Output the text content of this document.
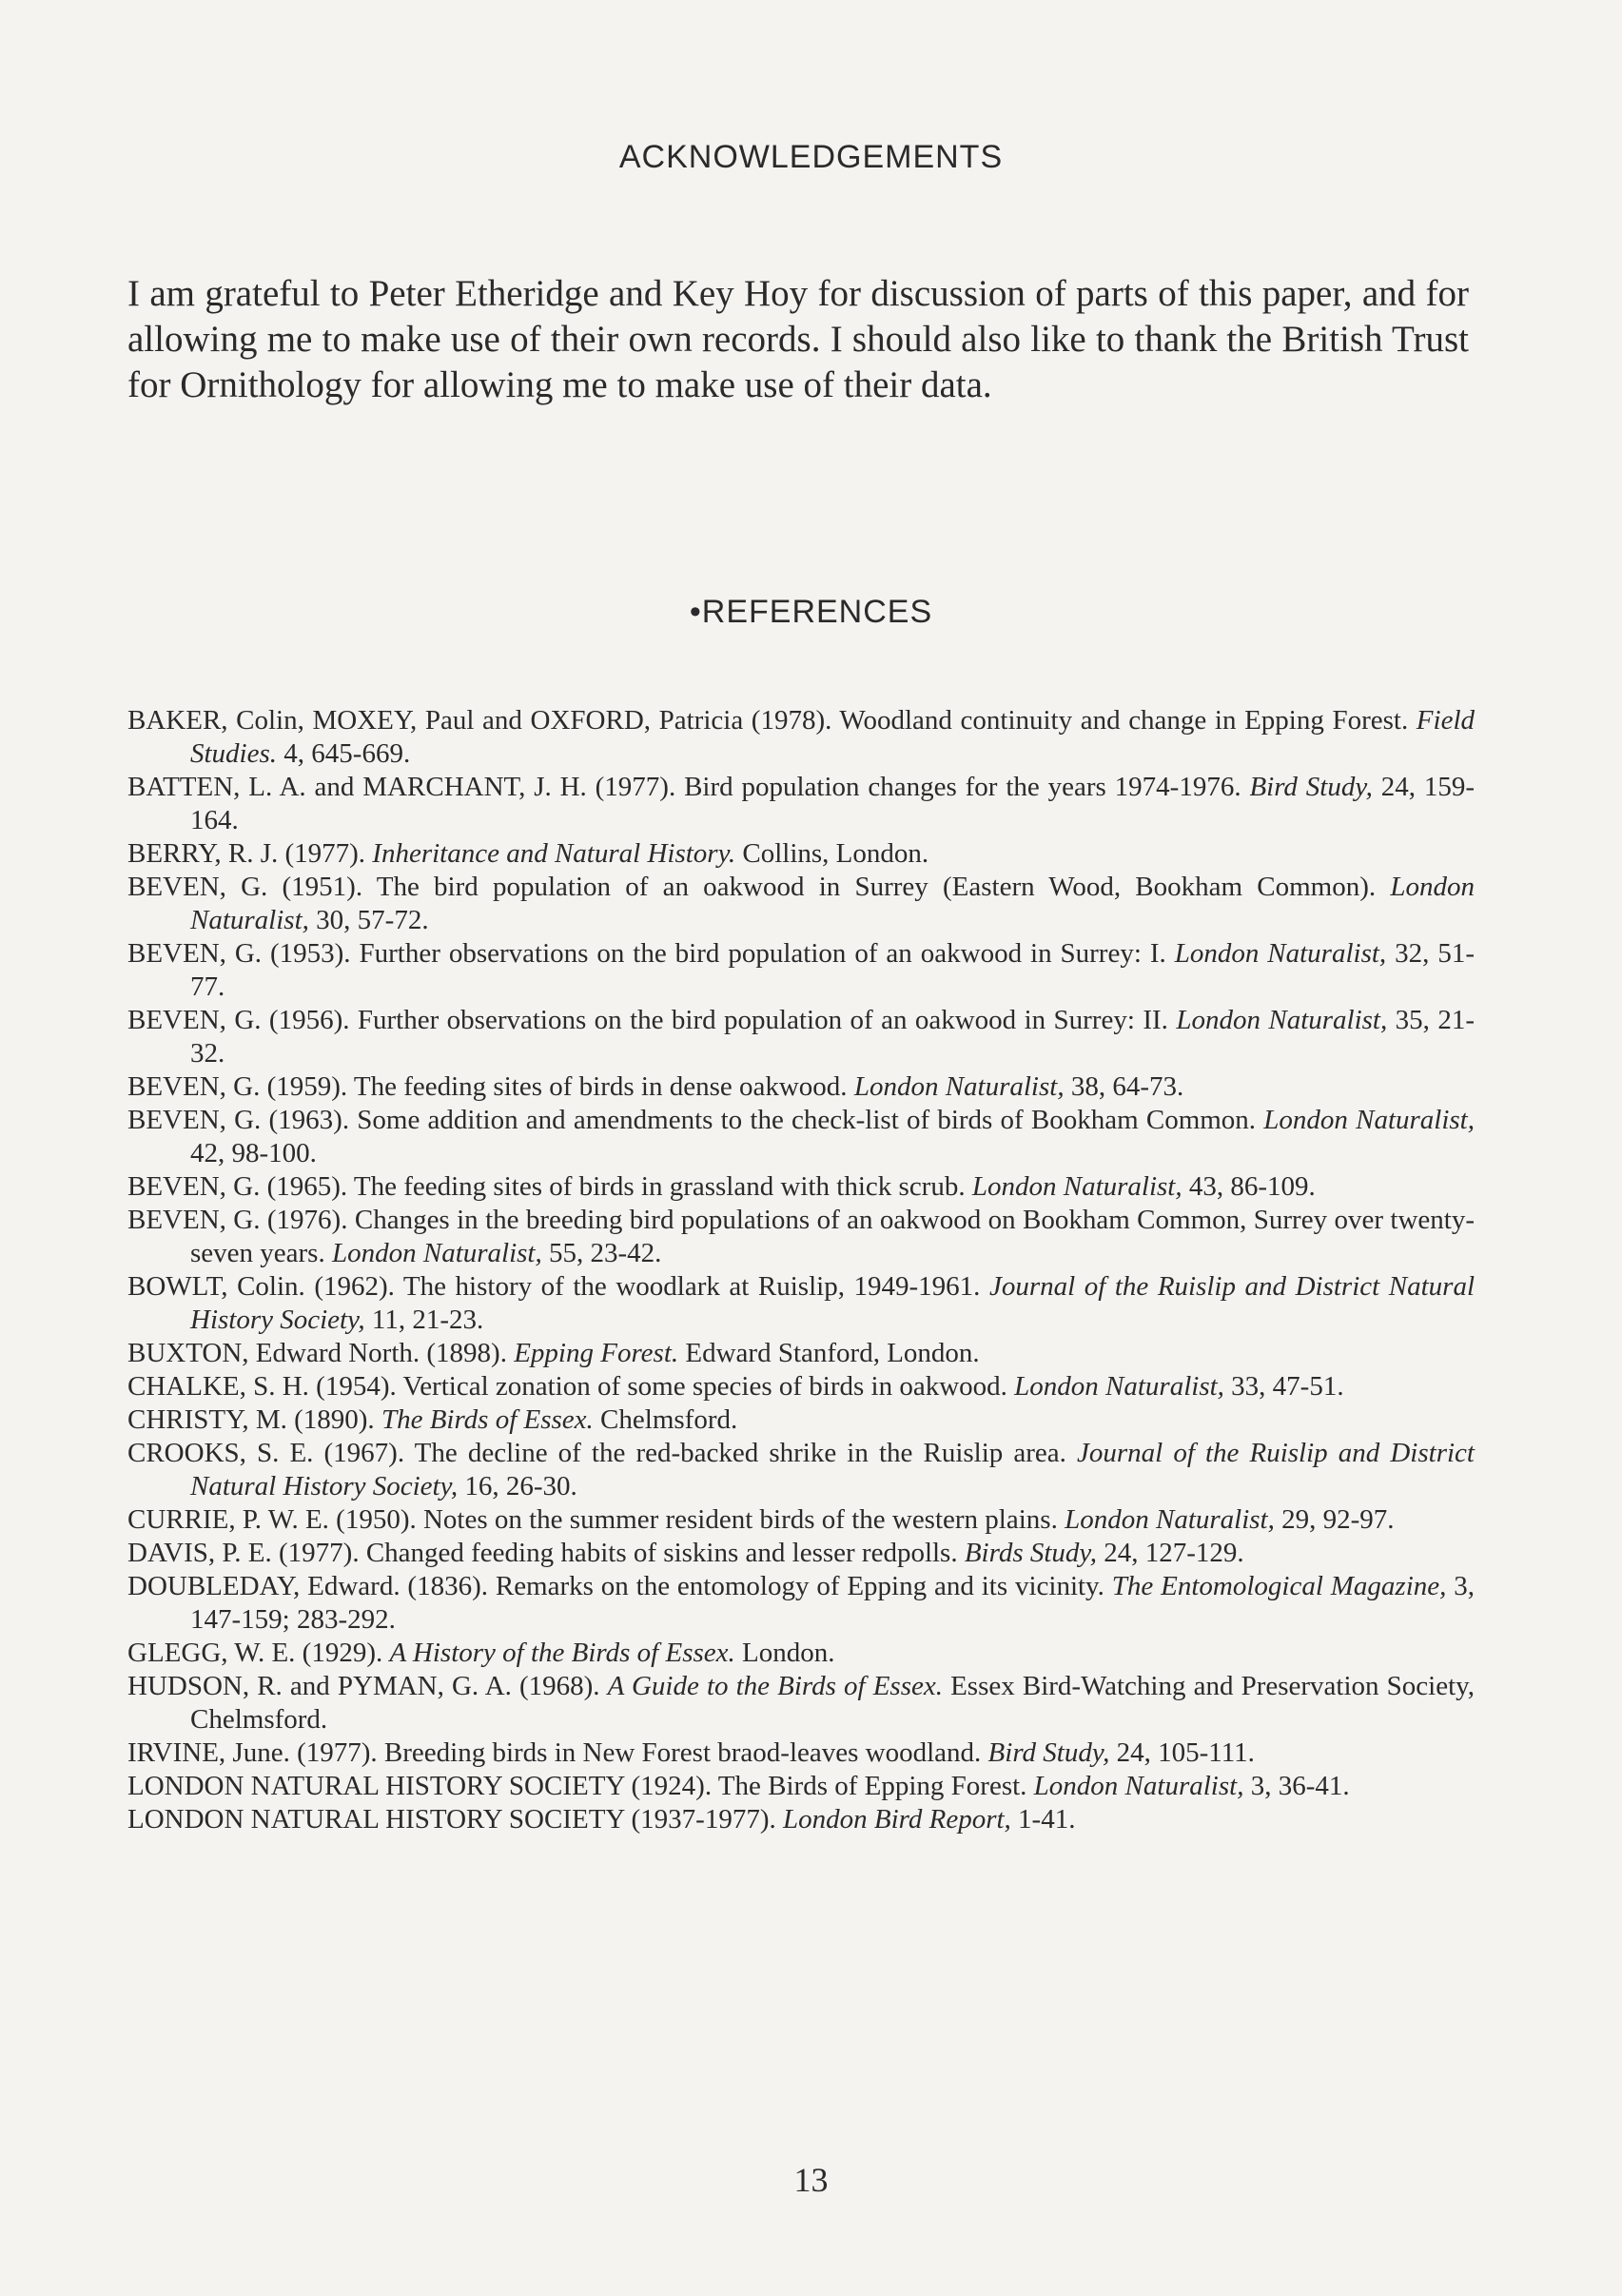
ACKNOWLEDGEMENTS

I am grateful to Peter Etheridge and Key Hoy for discussion of parts of this paper, and for allowing me to make use of their own records. I should also like to thank the British Trust for Ornithology for allowing me to make use of their data.

•REFERENCES
BAKER, Colin, MOXEY, Paul and OXFORD, Patricia (1978). Woodland continuity and change in Epping Forest. Field Studies. 4, 645-669.
BATTEN, L. A. and MARCHANT, J. H. (1977). Bird population changes for the years 1974-1976. Bird Study, 24, 159-164.
BERRY, R. J. (1977). Inheritance and Natural History. Collins, London.
BEVEN, G. (1951). The bird population of an oakwood in Surrey (Eastern Wood, Bookham Common). London Naturalist, 30, 57-72.
BEVEN, G. (1953). Further observations on the bird population of an oakwood in Surrey: I. London Naturalist, 32, 51-77.
BEVEN, G. (1956). Further observations on the bird population of an oakwood in Surrey: II. London Naturalist, 35, 21-32.
BEVEN, G. (1959). The feeding sites of birds in dense oakwood. London Naturalist, 38, 64-73.
BEVEN, G. (1963). Some addition and amendments to the check-list of birds of Bookham Common. London Naturalist, 42, 98-100.
BEVEN, G. (1965). The feeding sites of birds in grassland with thick scrub. London Naturalist, 43, 86-109.
BEVEN, G. (1976). Changes in the breeding bird populations of an oakwood on Bookham Common, Surrey over twenty-seven years. London Naturalist, 55, 23-42.
BOWLT, Colin. (1962). The history of the woodlark at Ruislip, 1949-1961. Journal of the Ruislip and District Natural History Society, 11, 21-23.
BUXTON, Edward North. (1898). Epping Forest. Edward Stanford, London.
CHALKE, S. H. (1954). Vertical zonation of some species of birds in oakwood. London Naturalist, 33, 47-51.
CHRISTY, M. (1890). The Birds of Essex. Chelmsford.
CROOKS, S. E. (1967). The decline of the red-backed shrike in the Ruislip area. Journal of the Ruislip and District Natural History Society, 16, 26-30.
CURRIE, P. W. E. (1950). Notes on the summer resident birds of the western plains. London Naturalist, 29, 92-97.
DAVIS, P. E. (1977). Changed feeding habits of siskins and lesser redpolls. Birds Study, 24, 127-129.
DOUBLEDAY, Edward. (1836). Remarks on the entomology of Epping and its vicinity. The Entomological Magazine, 3, 147-159; 283-292.
GLEGG, W. E. (1929). A History of the Birds of Essex. London.
HUDSON, R. and PYMAN, G. A. (1968). A Guide to the Birds of Essex. Essex Bird-Watching and Preservation Society, Chelmsford.
IRVINE, June. (1977). Breeding birds in New Forest braod-leaves woodland. Bird Study, 24, 105-111.
LONDON NATURAL HISTORY SOCIETY (1924). The Birds of Epping Forest. London Naturalist, 3, 36-41.
LONDON NATURAL HISTORY SOCIETY (1937-1977). London Bird Report, 1-41.
13
